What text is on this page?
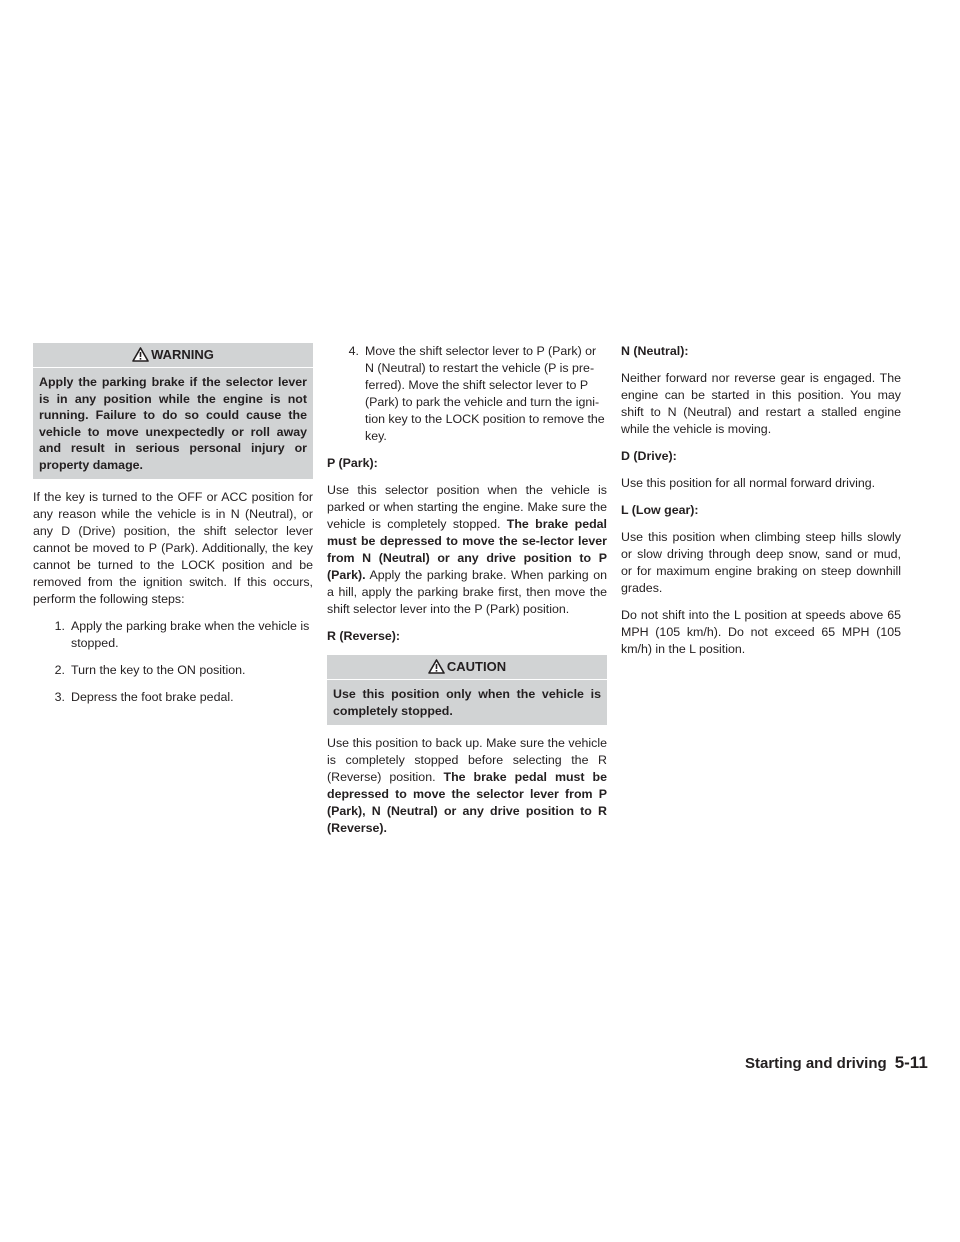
WARNING
Apply the parking brake if the selector lever is in any position while the engine is not running. Failure to do so could cause the vehicle to move unexpectedly or roll away and result in serious personal injury or property damage.

If the key is turned to the OFF or ACC position for any reason while the vehicle is in N (Neutral), or any D (Drive) position, the shift selector lever cannot be moved to P (Park). Additionally, the key cannot be turned to the LOCK position and be removed from the ignition switch. If this occurs, perform the following steps:

1. Apply the parking brake when the vehicle is stopped.
2. Turn the key to the ON position.
3. Depress the foot brake pedal.
4. Move the shift selector lever to P (Park) or N (Neutral) to restart the vehicle (P is pre-ferred). Move the shift selector lever to P (Park) to park the vehicle and turn the igni-tion key to the LOCK position to remove the key.
P (Park):

Use this selector position when the vehicle is parked or when starting the engine. Make sure the vehicle is completely stopped. The brake pedal must be depressed to move the se-lector lever from N (Neutral) or any drive position to P (Park). Apply the parking brake. When parking on a hill, apply the parking brake first, then move the shift selector lever into the P (Park) position.

R (Reverse):
CAUTION
Use this position only when the vehicle is completely stopped.

Use this position to back up. Make sure the vehicle is completely stopped before selecting the R (Reverse) position. The brake pedal must be depressed to move the selector lever from P (Park), N (Neutral) or any drive position to R (Reverse).

N (Neutral):

Neither forward nor reverse gear is engaged. The engine can be started in this position. You may shift to N (Neutral) and restart a stalled engine while the vehicle is moving.

D (Drive):

Use this position for all normal forward driving.

L (Low gear):

Use this position when climbing steep hills slowly or slow driving through deep snow, sand or mud, or for maximum engine braking on steep downhill grades.

Do not shift into the L position at speeds above 65 MPH (105 km/h). Do not exceed 65 MPH (105 km/h) in the L position.

Starting and driving 5-11
